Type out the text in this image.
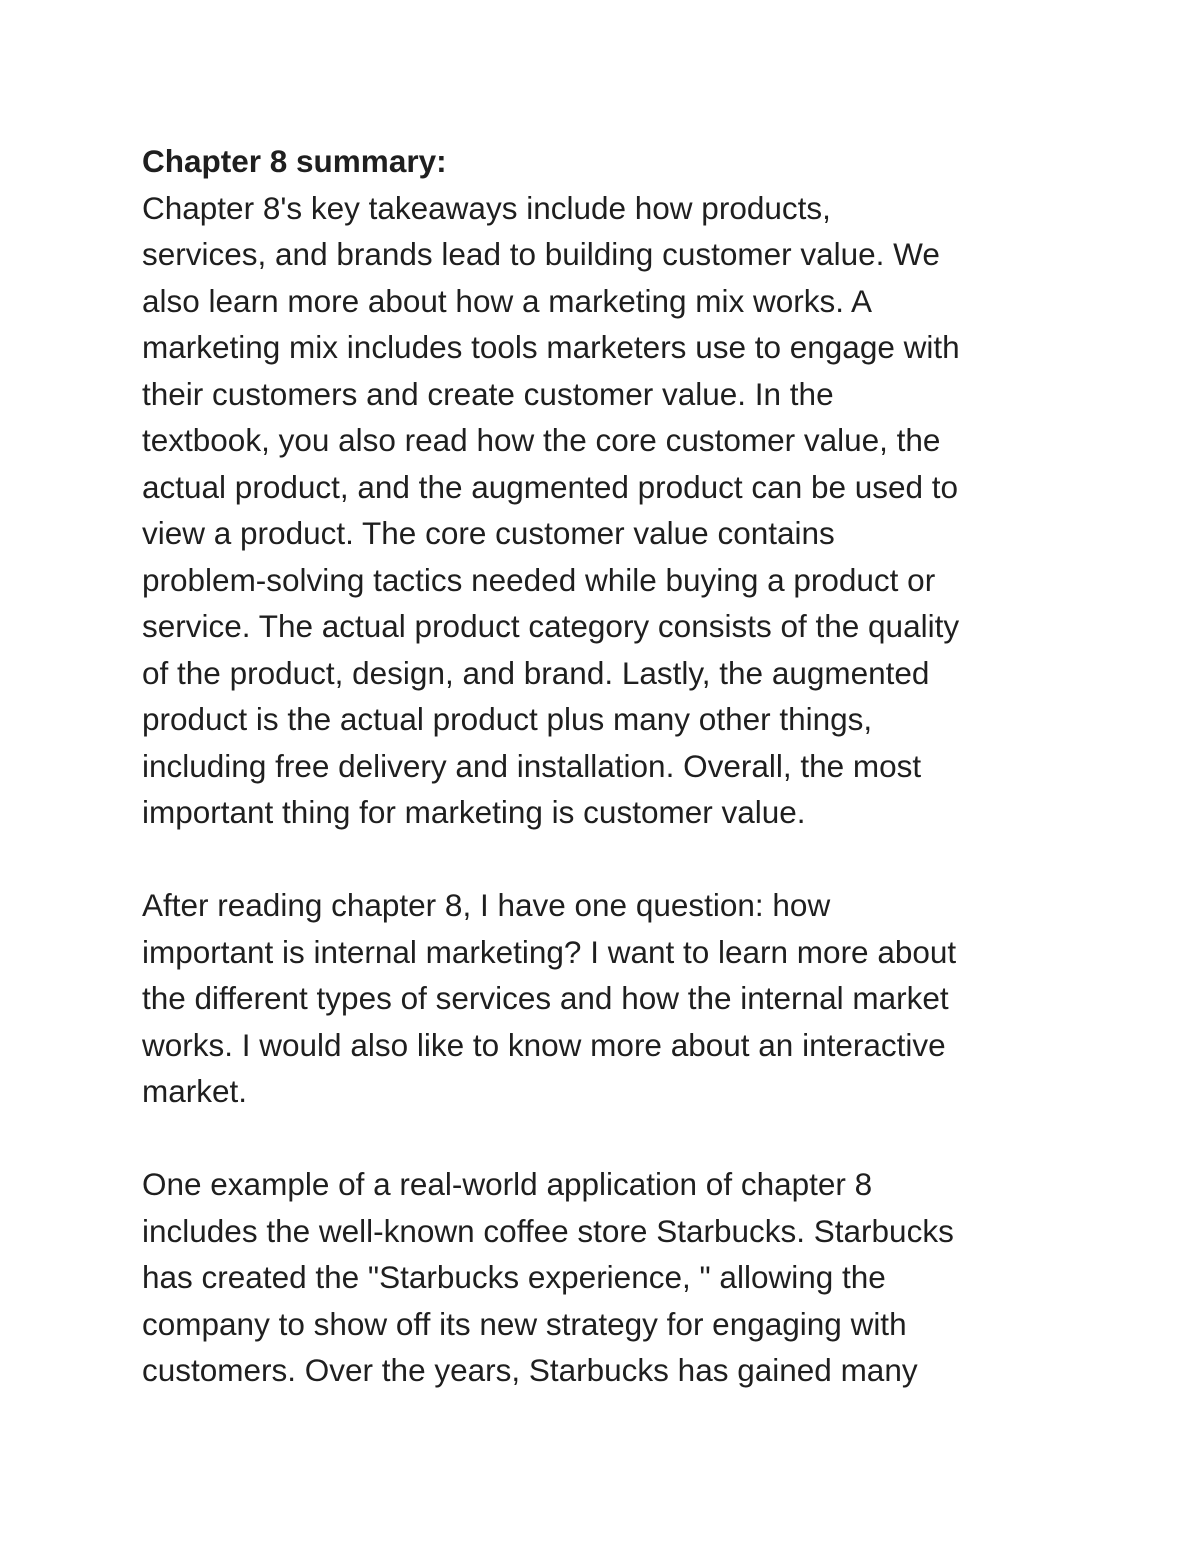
Chapter 8 summary:
Chapter 8's key takeaways include how products,
services, and brands lead to building customer value. We
also learn more about how a marketing mix works. A
marketing mix includes tools marketers use to engage with
their customers and create customer value. In the
textbook, you also read how the core customer value, the
actual product, and the augmented product can be used to
view a product. The core customer value contains
problem-solving tactics needed while buying a product or
service. The actual product category consists of the quality
of the product, design, and brand. Lastly, the augmented
product is the actual product plus many other things,
including free delivery and installation. Overall, the most
important thing for marketing is customer value.
After reading chapter 8, I have one question: how
important is internal marketing? I want to learn more about
the different types of services and how the internal market
works. I would also like to know more about an interactive
market.
One example of a real-world application of chapter 8
includes the well-known coffee store Starbucks. Starbucks
has created the "Starbucks experience, " allowing the
company to show off its new strategy for engaging with
customers. Over the years, Starbucks has gained many
